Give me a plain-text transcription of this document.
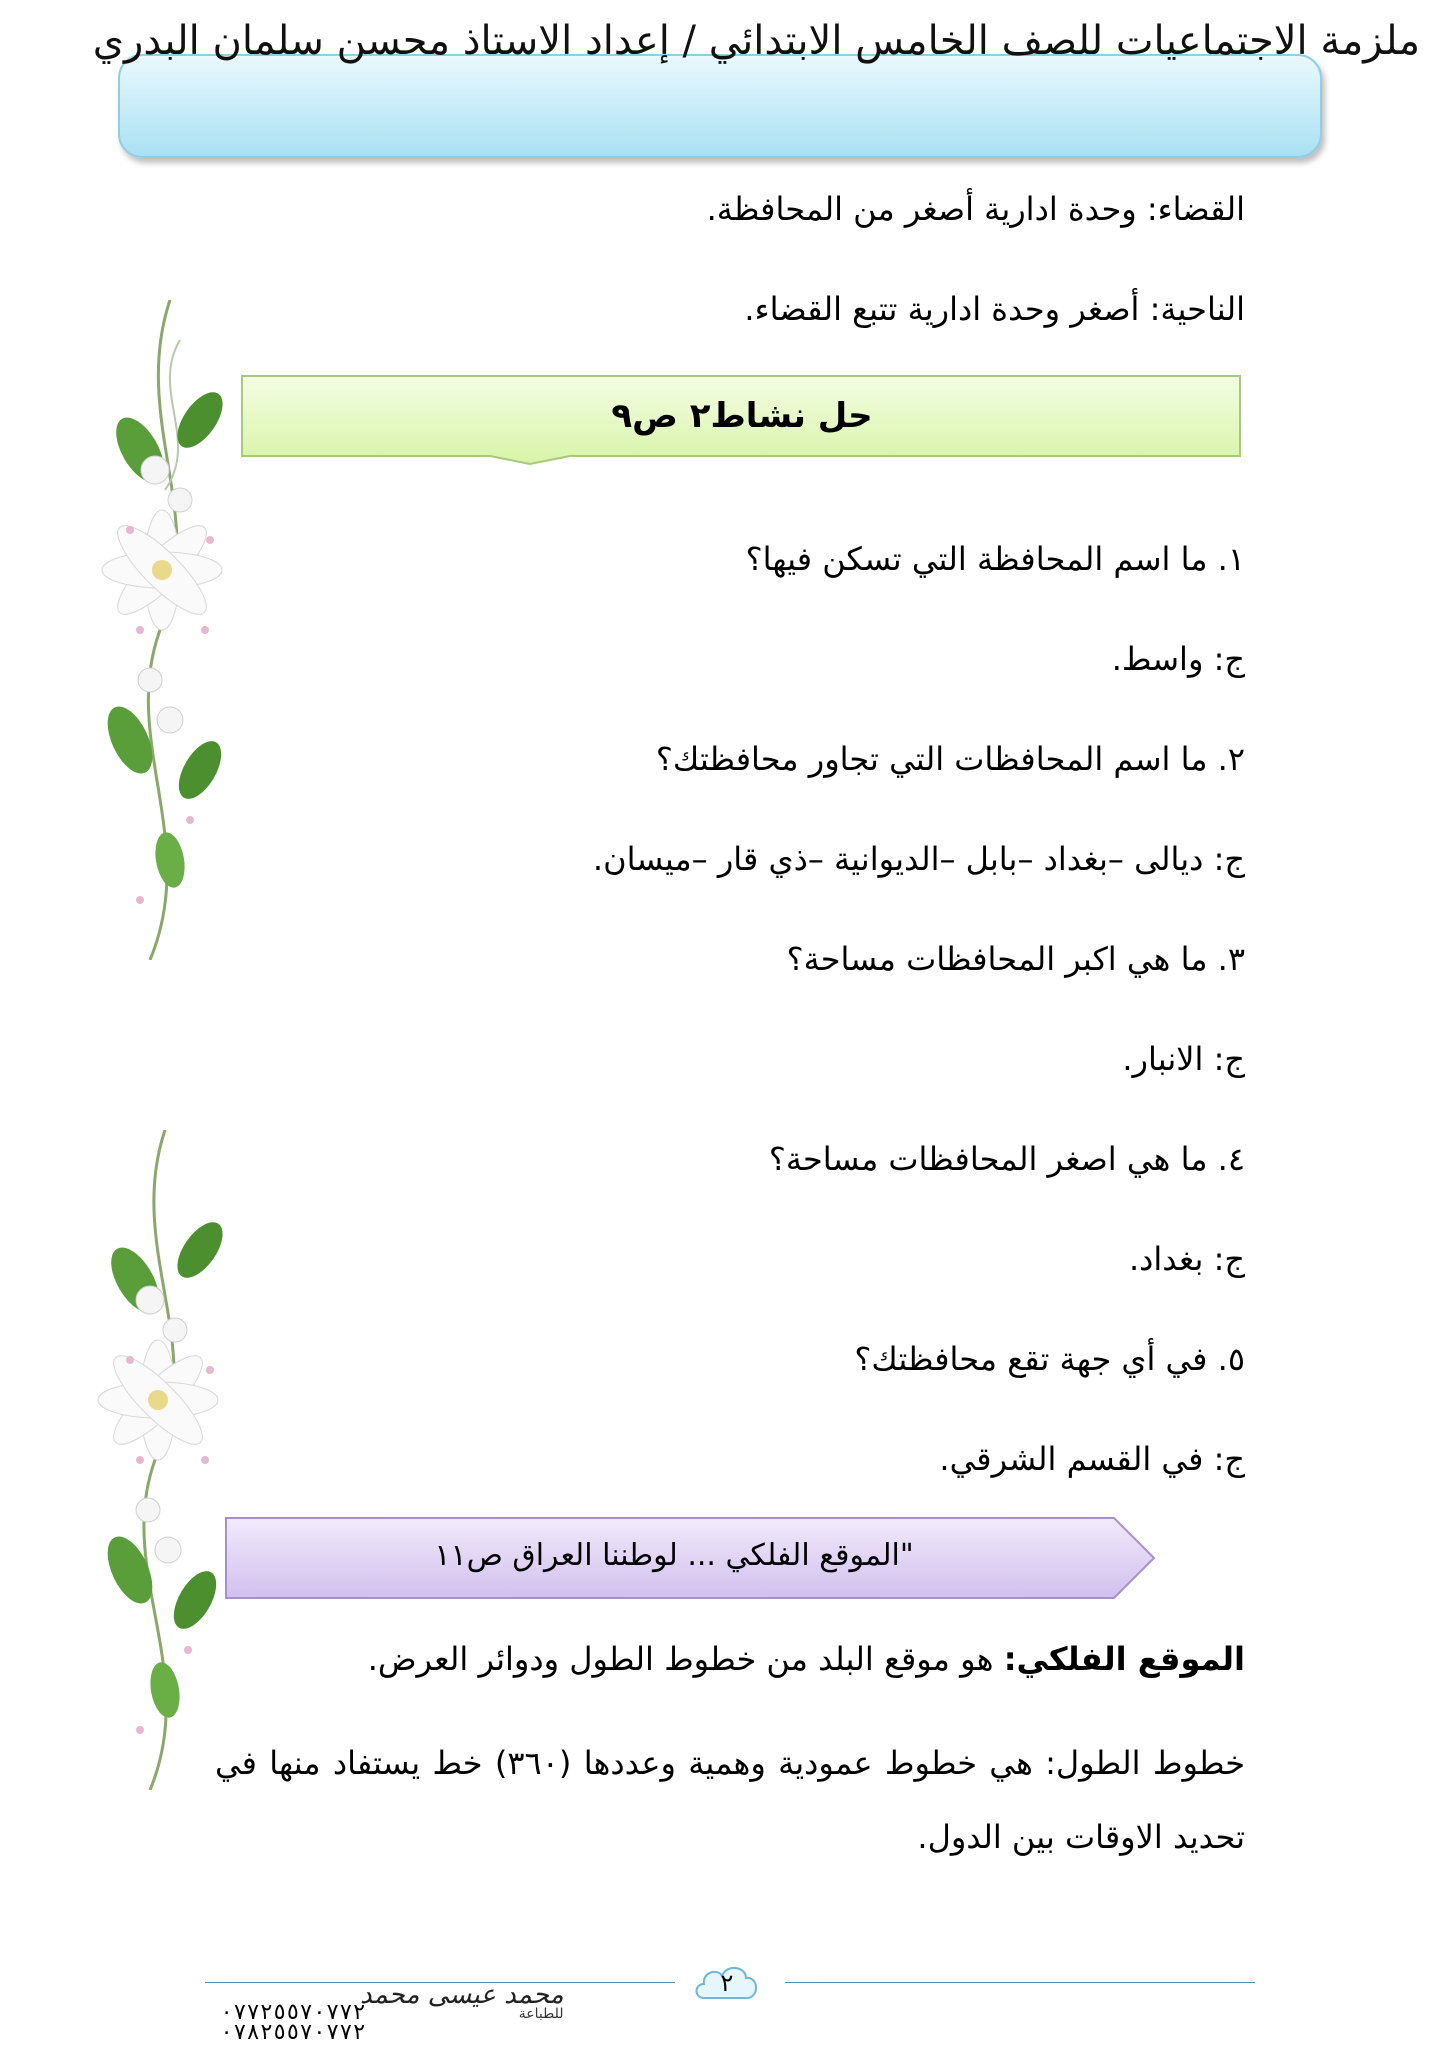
ملزمة الاجتماعيات للصف الخامس الابتدائي / إعداد الاستاذ محسن سلمان البدري
القضاء: وحدة ادارية أصغر من المحافظة.
الناحية: أصغر وحدة ادارية تتبع القضاء.
حل نشاط٢ ص٩
١. ما اسم المحافظة التي تسكن فيها؟
ج: واسط.
٢. ما اسم المحافظات التي تجاور محافظتك؟
ج: ديالى –بغداد –بابل –الديوانية –ذي قار –ميسان.
٣. ما هي اكبر المحافظات مساحة؟
ج: الانبار.
٤. ما هي اصغر المحافظات مساحة؟
ج: بغداد.
٥. في أي جهة تقع محافظتك؟
ج: في القسم الشرقي.
"الموقع الفلكي ... لوطننا العراق ص١١
الموقع الفلكي: هو موقع البلد من خطوط الطول ودوائر العرض.
خطوط الطول: هي خطوط عمودية وهمية وعددها (٣٦٠) خط يستفاد منها في تحديد الاوقات بين الدول.
٢
٠٧٧٢٥٥٧٠٧٧٢
٠٧٨٢٥٥٧٠٧٧٢
محمد عيسى محمد
للطباعة
